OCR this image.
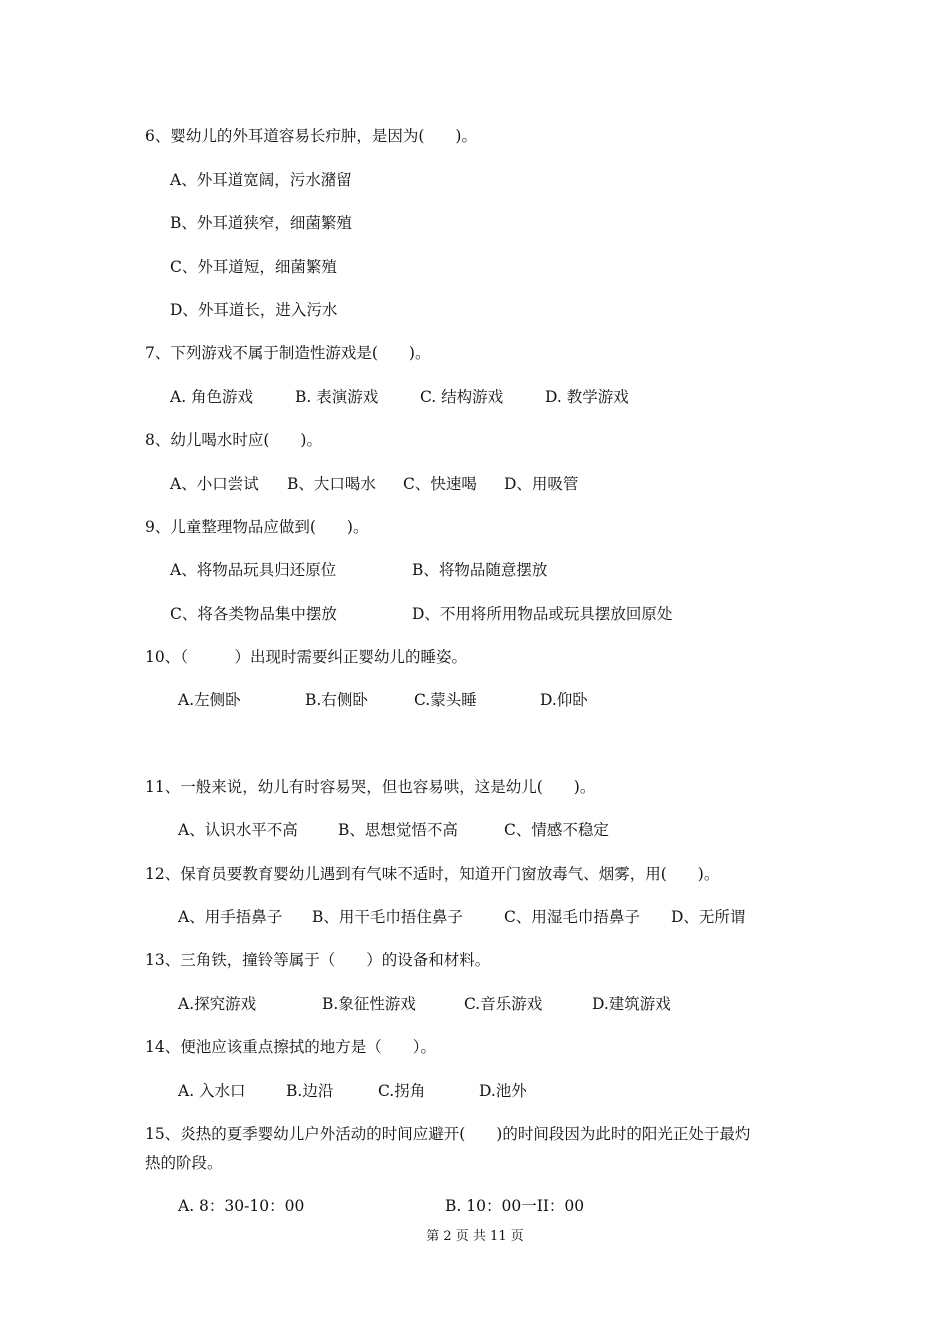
6、婴幼儿的外耳道容易长疖肿，是因为(　　)。
A、外耳道宽阔，污水潴留
B、外耳道狭窄，细菌繁殖
C、外耳道短，细菌繁殖
D、外耳道长，进入污水
7、下列游戏不属于制造性游戏是(　　)。
A. 角色游戏	B. 表演游戏	C. 结构游戏	D. 教学游戏
8、幼儿喝水时应(　　)。
A、小口尝试 B、大口喝水 C、快速喝 D、用吸管
9、儿童整理物品应做到(　　)。
A、将物品玩具归还原位	B、将物品随意摆放
C、将各类物品集中摆放	D、不用将所用物品或玩具摆放回原处
10、（　　　）出现时需要纠正婴幼儿的睡姿。
A.左侧卧	B.右侧卧	C.蒙头睡	D.仰卧
11、一般来说，幼儿有时容易哭，但也容易哄，这是幼儿(　　)。
A、认识水平不高	B、思想觉悟不高	C、情感不稳定
12、保育员要教育婴幼儿遇到有气味不适时，知道开门窗放毒气、烟雾，用(　　)。
A、用手捂鼻子 B、用干毛巾捂住鼻子	C、用湿毛巾捂鼻子 D、无所谓
13、三角铁，撞铃等属于（　　）的设备和材料。
A.探究游戏	B.象征性游戏	C.音乐游戏	D.建筑游戏
14、便池应该重点擦拭的地方是（　　）。
A. 入水口	B.边沿	C.拐角	D.池外
15、炎热的夏季婴幼儿户外活动的时间应避开(　　)的时间段因为此时的阳光正处于最灼
热的阶段。
A. 8：30-10：00	B. 10：00一II：00
第 2 页 共 11 页
